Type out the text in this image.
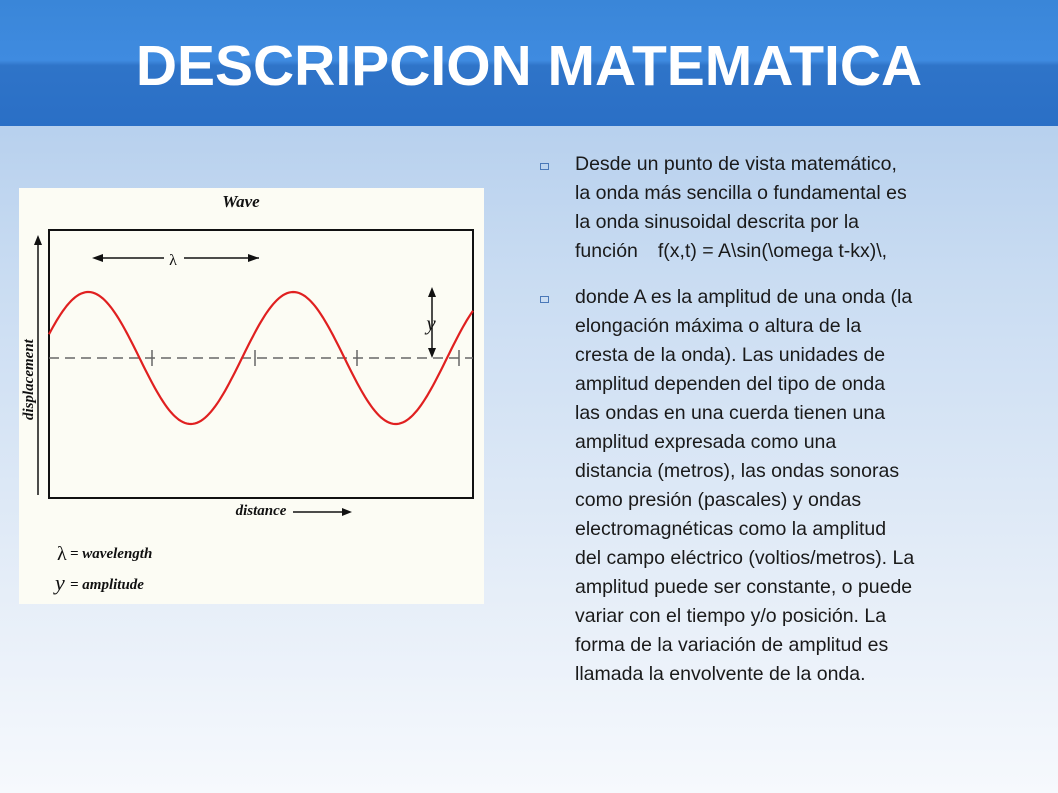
DESCRIPCION MATEMATICA
Wave
displacement
λ
y
distance
λ = wavelength
y = amplitude
Desde un punto de vista matemático,
la onda más sencilla o fundamental es
la onda sinusoidal descrita por la
función f(x,t) = A\sin(\omega t-kx)\,
donde A es la amplitud de una onda (la
elongación máxima o altura de la
cresta de la onda). Las unidades de
amplitud dependen del tipo de onda
las ondas en una cuerda tienen una
amplitud expresada como una
distancia (metros), las ondas sonoras
como presión (pascales) y ondas
electromagnéticas como la amplitud
del campo eléctrico (voltios/metros). La
amplitud puede ser constante, o puede
variar con el tiempo y/o posición. La
forma de la variación de amplitud es
llamada la envolvente de la onda.
